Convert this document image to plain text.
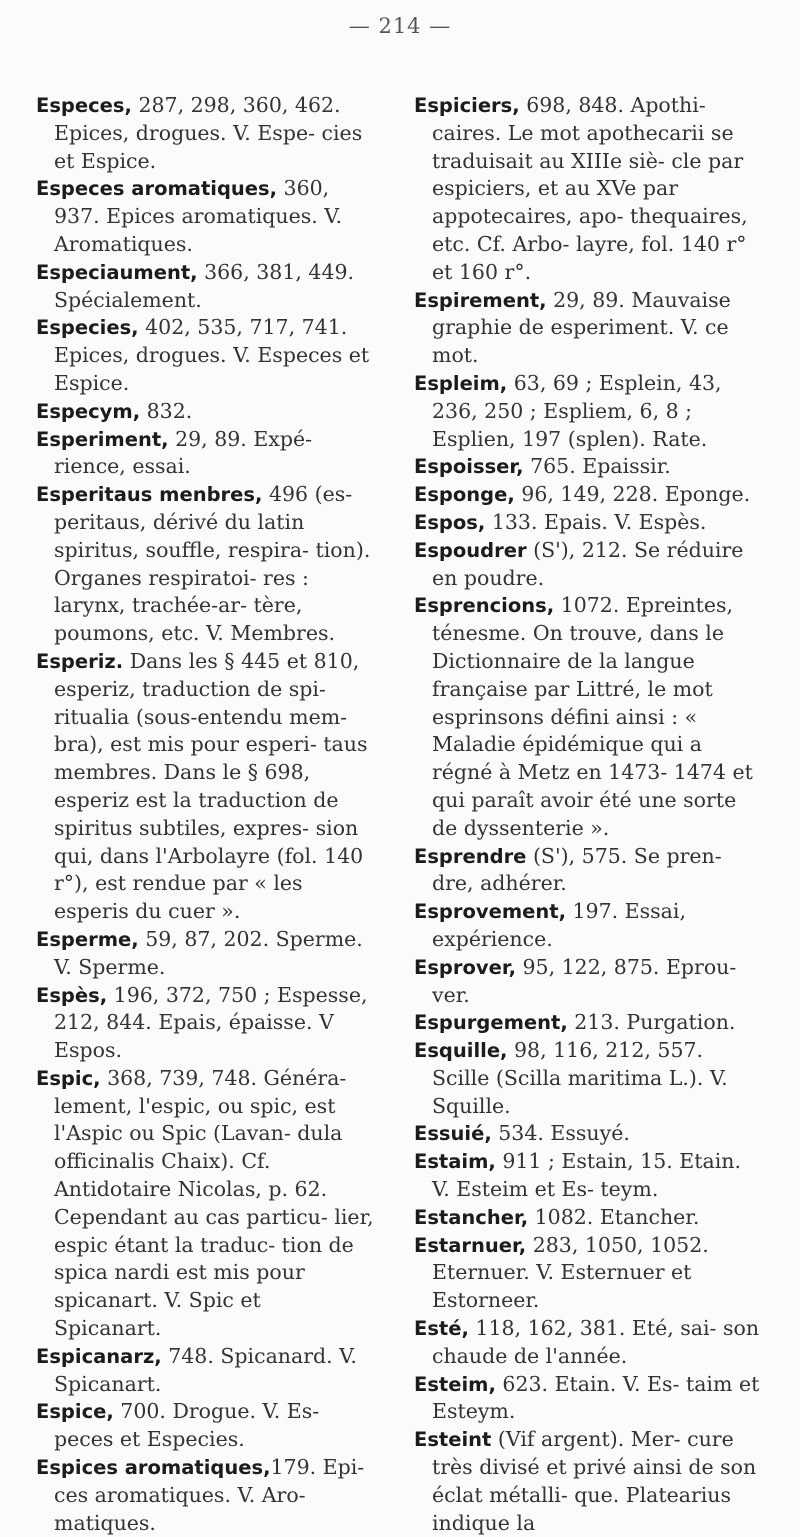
— 214 —

Especes, 287, 298, 360, 462. Epices, drogues. V. Espe- cies et Espice.

Especes aromatiques, 360, 937. Epices aromatiques. V. Aromatiques.

Especiaument, 366, 381, 449. Spécialement.

Especies, 402, 535, 717, 741. Epices, drogues. V. Especes et Espice.

Especym, 832.

Esperiment, 29, 89. Expé- rience, essai.

Esperitaus menbres, 496 (es- peritaus, dérivé du latin spiritus, souffle, respira- tion). Organes respiratoi- res : larynx, trachée-ar- tère, poumons, etc. V. Membres.

Esperiz. Dans les § 445 et 810, esperiz, traduction de spi- ritualia (sous-entendu mem- bra), est mis pour esperi- taus membres. Dans le § 698, esperiz est la traduction de spiritus subtiles, expres- sion qui, dans l'Arbolayre (fol. 140 r°), est rendue par « les esperis du cuer ».

Esperme, 59, 87, 202. Sperme. V. Sperme.

Espès, 196, 372, 750 ; Espesse, 212, 844. Epais, épaisse. V Espos.

Espic, 368, 739, 748. Généra- lement, l'espic, ou spic, est l'Aspic ou Spic (Lavan- dula officinalis Chaix). Cf. Antidotaire Nicolas, p. 62. Cependant au cas particu- lier, espic étant la traduc- tion de spica nardi est mis pour spicanart. V. Spic et Spicanart.

Espicanarz, 748. Spicanard. V. Spicanart.

Espice, 700. Drogue. V. Es- peces et Especies.

Espices aromatiques,179. Epi- ces aromatiques. V. Aro- matiques.

Espiciers, 698, 848. Apothi- caires. Le mot apothecarii se traduisait au XIIIe siè- cle par espiciers, et au XVe par appotecaires, apo- thequaires, etc. Cf. Arbo- layre, fol. 140 r° et 160 r°.

Espirement, 29, 89. Mauvaise graphie de esperiment. V. ce mot.

Espleim, 63, 69 ; Esplein, 43, 236, 250 ; Espliem, 6, 8 ; Esplien, 197 (splen). Rate.

Espoisser, 765. Epaissir.

Esponge, 96, 149, 228. Eponge.

Espos, 133. Epais. V. Espès.

Espoudrer (S'), 212. Se réduire en poudre.

Esprencions, 1072. Epreintes, ténesme. On trouve, dans le Dictionnaire de la langue française par Littré, le mot esprinsons défini ainsi : « Maladie épidémique qui a régné à Metz en 1473- 1474 et qui paraît avoir été une sorte de dyssenterie ».

Esprendre (S'), 575. Se pren- dre, adhérer.

Esprovement, 197. Essai, expérience.

Esprover, 95, 122, 875. Eprou- ver.

Espurgement, 213. Purgation.

Esquille, 98, 116, 212, 557. Scille (Scilla maritima L.). V. Squille.

Essuié, 534. Essuyé.

Estaim, 911 ; Estain, 15. Etain. V. Esteim et Es- teym.

Estancher, 1082. Etancher.

Estarnuer, 283, 1050, 1052. Eternuer. V. Esternuer et Estorneer.

Esté, 118, 162, 381. Eté, sai- son chaude de l'année.

Esteim, 623. Etain. V. Es- taim et Esteym.

Esteint (Vif argent). Mer- cure très divisé et privé ainsi de son éclat métalli- que. Platearius indique la
